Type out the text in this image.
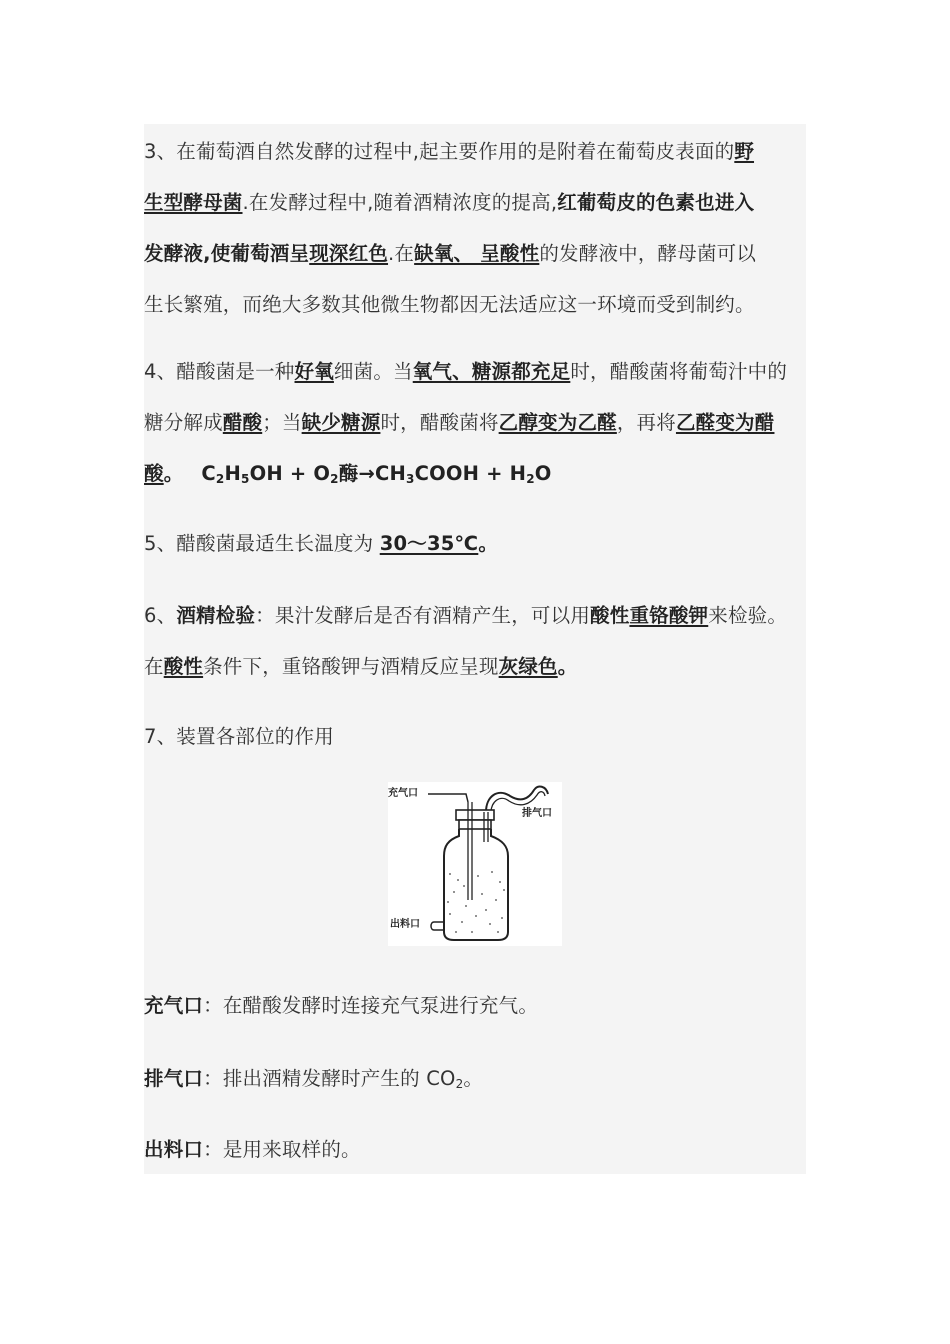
3、在葡萄酒自然发酵的过程中,起主要作用的是附着在葡萄皮表面的野
生型酵母菌.在发酵过程中,随着酒精浓度的提高,红葡萄皮的色素也进入
发酵液,使葡萄酒呈现深红色.在缺氧、 呈酸性的发酵液中，酵母菌可以
生长繁殖，而绝大多数其他微生物都因无法适应这一环境而受到制约。
4、醋酸菌是一种好氧细菌。当氧气、糖源都充足时，醋酸菌将葡萄汁中的
糖分解成醋酸；当缺少糖源时，醋酸菌将乙醇变为乙醛，再将乙醛变为醋
酸。 $C_2H_5OH + O_2$酶$\to CH_3COOH + H_2O$
5、醋酸菌最适生长温度为 30～35℃。
6、酒精检验：果汁发酵后是否有酒精产生，可以用酸性重铬酸钾来检验。
在酸性条件下，重铬酸钾与酒精反应呈现灰绿色。
7、装置各部位的作用
充气口
排气口
出料口
充气口：在醋酸发酵时连接充气泵进行充气。
排气口：排出酒精发酵时产生的 $CO_2$。
出料口：是用来取样的。
